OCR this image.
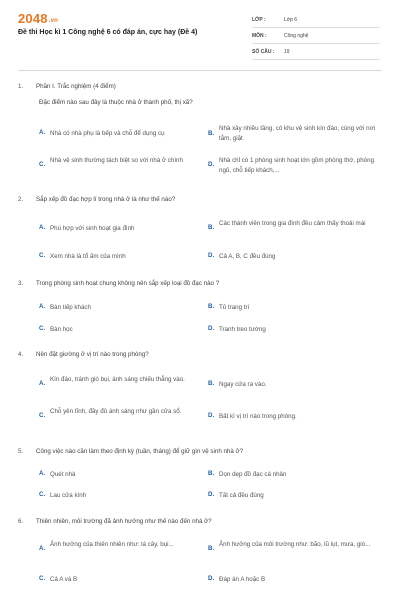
2048.vn
Đề thi Học kì 1 Công nghệ 6 có đáp án, cực hay (Đề 4)
LỚP :	Lớp 6
MÔN :	Công nghệ
SỐ CÂU :	19
1. Phần I. Trắc nghiệm (4 điểm)
Đặc điểm nào sau đây là thuộc nhà ở thành phố, thị xã?
A. Nhà có nhà phụ là bếp và chỗ để dụng cụ	B.
Nhà xây nhiều tầng, có khu vệ sinh kín đáo, cùng với nơi tắm, giặt
C.
Nhà vệ sinh thường tách biệt so với nhà ở chính
D.
Nhà chỉ có 1 phòng sinh hoạt lớn gồm phòng thờ, phòng ngủ, chỗ tiếp khách,...
2. Sắp xếp đồ đạc hợp lí trong nhà ở là như thế nào?
A. Phù hợp với sinh hoạt gia đình	B.
Các thành viên trong gia đình đều cảm thấy thoải mái
C. Xem nhà là tổ ấm của mình	D. Cả A, B, C đều đúng
3. Trong phòng sinh hoạt chung không nên sắp xếp loại đồ đạc nào ?
A. Bàn tiếp khách	B. Tủ trang trí
C. Bàn học	D. Tranh treo tường
4. Nên đặt giường ở vị trí nào trong phòng?
A.
Kín đáo, tránh gió bụi, ánh sáng chiếu thẳng vào.
B. Ngay cửa ra vào.
C.
Chỗ yên tĩnh, đầy đủ ánh sáng như gần cửa sổ.
D. Bất kì vị trí nào trong phòng.
5. Công việc nào cần làm theo định kỳ (tuần, tháng) để giữ gìn vệ sinh nhà ở?
A. Quét nhà	B. Dọn dẹp đồ đạc cá nhân
C. Lau cửa kính	D. Tất cả đều đúng
6. Thiên nhiên, môi trường đã ảnh hưởng như thế nào đến nhà ở?
A.
Ảnh hưởng của thiên nhiên như: lá cây, bụi...
B.
Ảnh hưởng của môi trường như: bão, lũ lụt, mưa, gió...
C. Cả A và B	D. Đáp án A hoặc B
